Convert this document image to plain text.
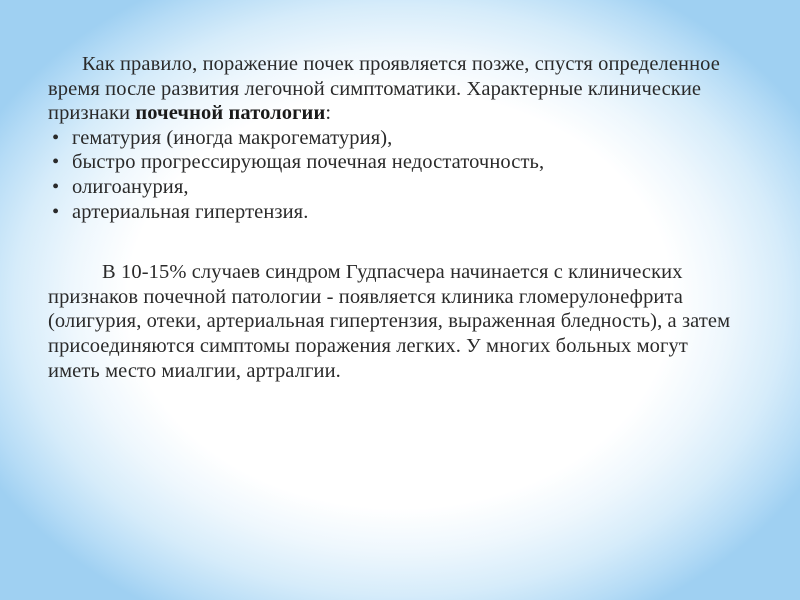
Как правило, поражение почек проявляется позже, спустя определенное время после развития легочной симптоматики. Характерные клинические признаки почечной патологии:

• гематурия (иногда макрогематурия),
• быстро прогрессирующая почечная недостаточность,
• олигоанурия,
• артериальная гипертензия.

В 10-15% случаев синдром Гудпасчера начинается с клинических признаков почечной патологии - появляется клиника гломерулонефрита (олигурия, отеки, артериальная гипертензия, выраженная бледность), а затем присоединяются симптомы поражения легких. У многих больных могут иметь место миалгии, артралгии.
